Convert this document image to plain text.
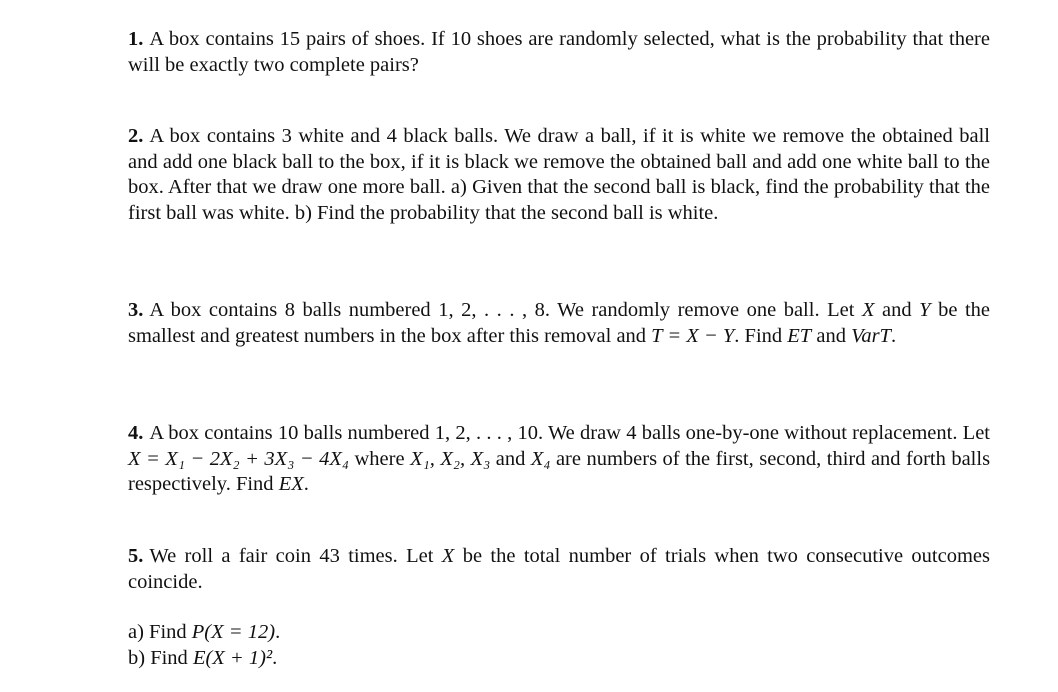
1. A box contains 15 pairs of shoes. If 10 shoes are randomly selected, what is the probability that there will be exactly two complete pairs?
2. A box contains 3 white and 4 black balls. We draw a ball, if it is white we remove the obtained ball and add one black ball to the box, if it is black we remove the obtained ball and add one white ball to the box. After that we draw one more ball. a) Given that the second ball is black, find the probability that the first ball was white. b) Find the probability that the second ball is white.
3. A box contains 8 balls numbered 1, 2, . . . , 8. We randomly remove one ball. Let X and Y be the smallest and greatest numbers in the box after this removal and T = X − Y. Find ET and VarT.
4. A box contains 10 balls numbered 1, 2, . . . , 10. We draw 4 balls one-by-one without replacement. Let X = X₁ − 2X₂ + 3X₃ − 4X₄ where X₁, X₂, X₃ and X₄ are numbers of the first, second, third and forth balls respectively. Find EX.
5. We roll a fair coin 43 times. Let X be the total number of trials when two consecutive outcomes coincide.
a) Find P(X = 12).
b) Find E(X + 1)².
